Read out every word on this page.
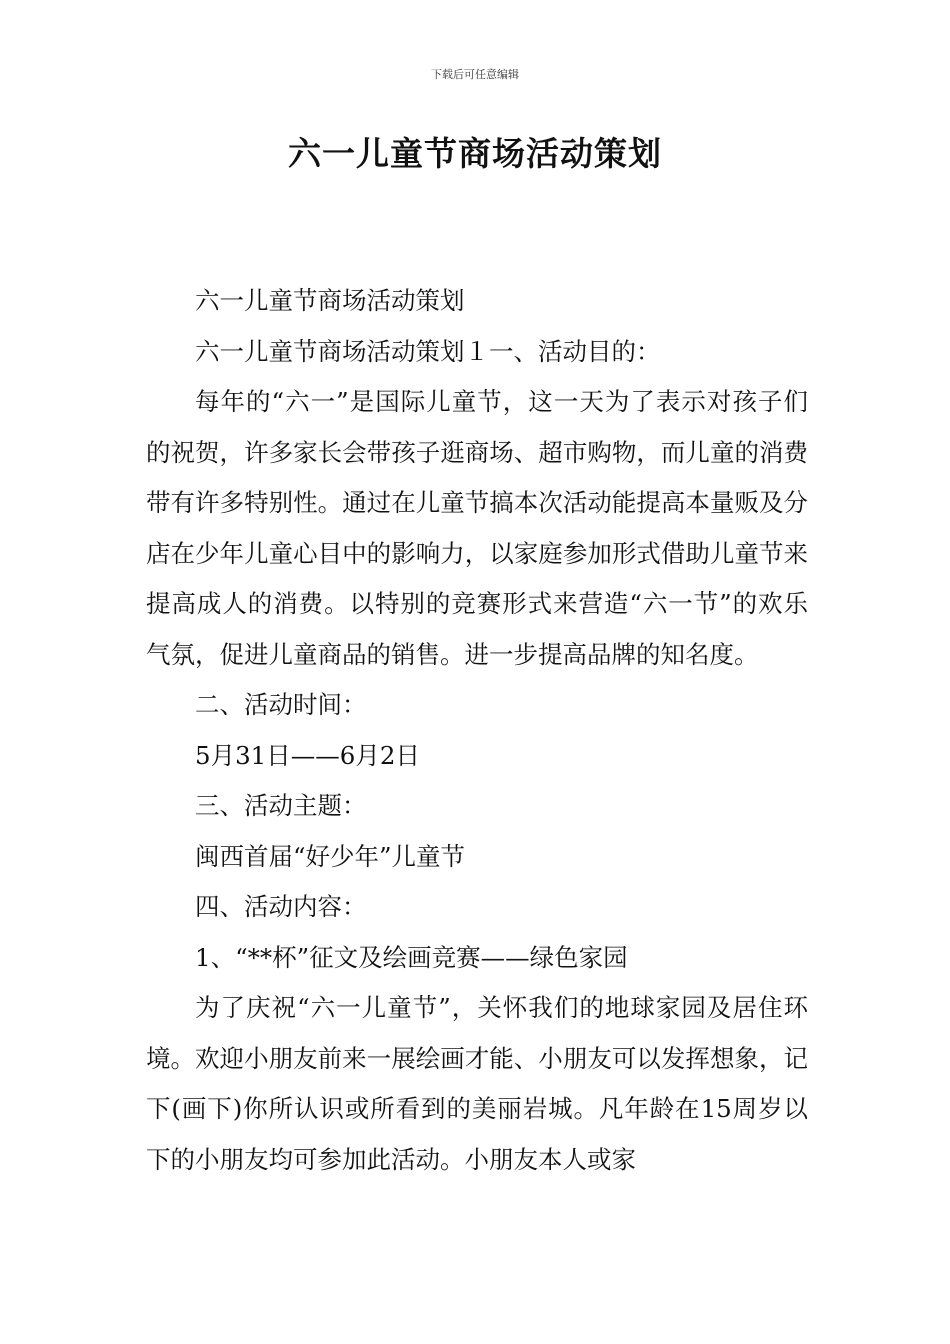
下载后可任意编辑
六一儿童节商场活动策划

六一儿童节商场活动策划

六一儿童节商场活动策划１一、活动目的：

每年的“六一”是国际儿童节，这一天为了表示对孩子们的祝贺，许多家长会带孩子逛商场、超市购物，而儿童的消费带有许多特别性。通过在儿童节搞本次活动能提高本量贩及分店在少年儿童心目中的影响力，以家庭参加形式借助儿童节来提高成人的消费。以特别的竞赛形式来营造“六一节”的欢乐气氛，促进儿童商品的销售。进一步提高品牌的知名度。

二、活动时间：

5月31日——6月2日

三、活动主题：

闽西首届“好少年”儿童节

四、活动内容：

1、“**杯”征文及绘画竞赛——绿色家园

为了庆祝“六一儿童节”，关怀我们的地球家园及居住环境。欢迎小朋友前来一展绘画才能、小朋友可以发挥想象，记下(画下)你所认识或所看到的美丽岩城。凡年龄在15周岁以下的小朋友均可参加此活动。小朋友本人或家
